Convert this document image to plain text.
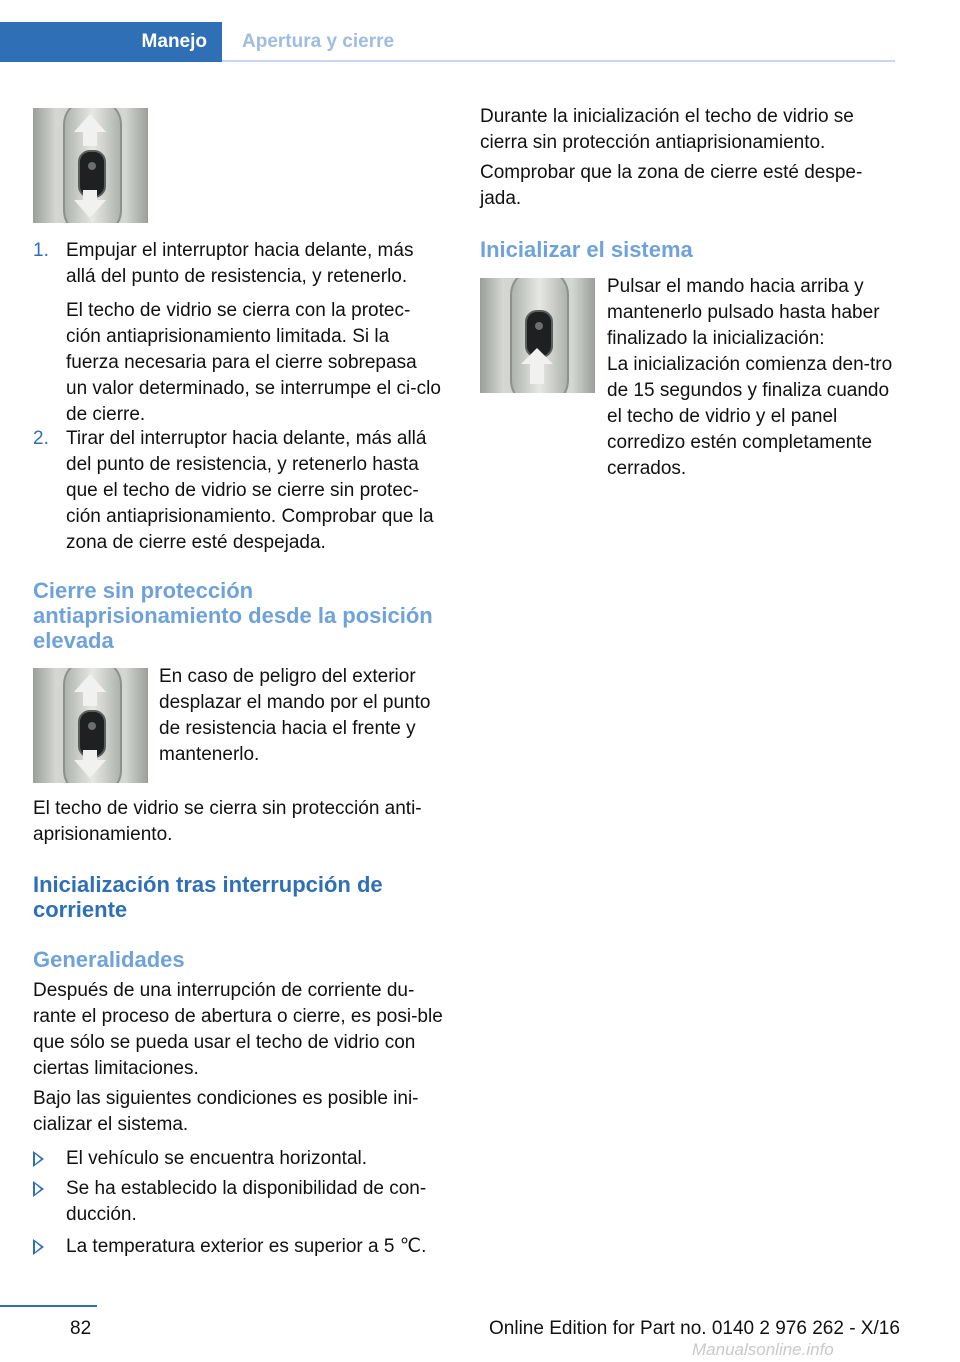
Manejo	Apertura y cierre
1. Empujar el interruptor hacia delante, más allá del punto de resistencia, y retenerlo.

El techo de vidrio se cierra con la protec‐ción antiaprisionamiento limitada. Si la fuerza necesaria para el cierre sobrepasa un valor determinado, se interrumpe el ci‐clo de cierre.

2. Tirar del interruptor hacia delante, más allá del punto de resistencia, y retenerlo hasta que el techo de vidrio se cierre sin protec‐ción antiaprisionamiento. Comprobar que la zona de cierre esté despejada.

Cierre sin protección antiaprisionamiento desde la posición elevada

En caso de peligro del exterior desplazar el mando por el punto de resistencia hacia el frente y mantenerlo.

El techo de vidrio se cierra sin protección anti‐aprisionamiento.

Inicialización tras interrupción de corriente
Generalidades

Después de una interrupción de corriente du‐rante el proceso de abertura o cierre, es posi‐ble que sólo se pueda usar el techo de vidrio con ciertas limitaciones.

Bajo las siguientes condiciones es posible ini‐cializar el sistema.

El vehículo se encuentra horizontal.
Se ha establecido la disponibilidad de con‐ducción.
La temperatura exterior es superior a 5 ℃.

Durante la inicialización el techo de vidrio se cierra sin protección antiaprisionamiento.

Comprobar que la zona de cierre esté despe‐jada.

Inicializar el sistema

Pulsar el mando hacia arriba y mantenerlo pulsado hasta haber finalizado la inicialización:

La inicialización comienza den‐tro de 15 segundos y finaliza cuando el techo de vidrio y el panel corredizo estén completamente cerrados.
82	Online Edition for Part no. 0140 2 976 262 - X/16
Manualsonline.info
